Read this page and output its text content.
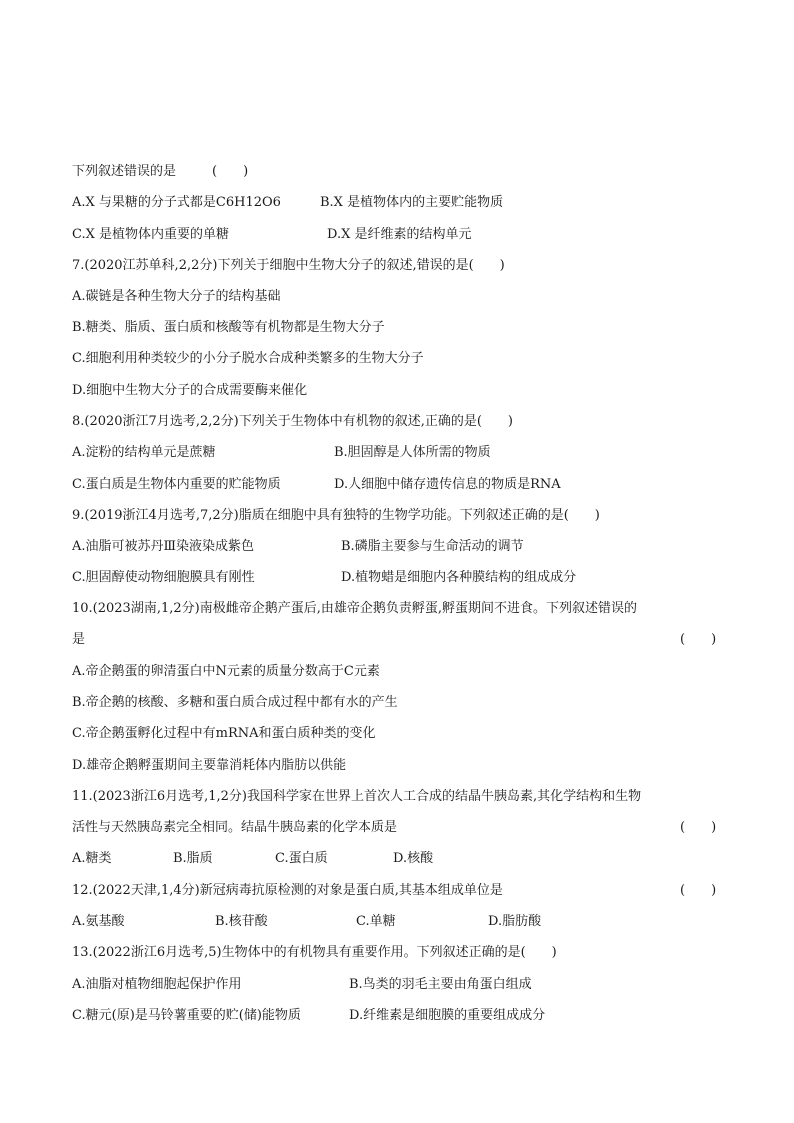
下列叙述错误的是	(　　)
A.X 与果糖的分子式都是C6H12O6	B.X 是植物体内的主要贮能物质
C.X 是植物体内重要的单糖	D.X 是纤维素的结构单元
7.(2020江苏单科,2,2分)下列关于细胞中生物大分子的叙述,错误的是(　　)
A.碳链是各种生物大分子的结构基础
B.糖类、脂质、蛋白质和核酸等有机物都是生物大分子
C.细胞利用种类较少的小分子脱水合成种类繁多的生物大分子
D.细胞中生物大分子的合成需要酶来催化
8.(2020浙江7月选考,2,2分)下列关于生物体中有机物的叙述,正确的是(　　)
A.淀粉的结构单元是蔗糖	B.胆固醇是人体所需的物质
C.蛋白质是生物体内重要的贮能物质	D.人细胞中储存遗传信息的物质是RNA
9.(2019浙江4月选考,7,2分)脂质在细胞中具有独特的生物学功能。下列叙述正确的是(　　)
A.油脂可被苏丹Ⅲ染液染成紫色	B.磷脂主要参与生命活动的调节
C.胆固醇使动物细胞膜具有刚性	D.植物蜡是细胞内各种膜结构的组成成分
10.(2023湖南,1,2分)南极雌帝企鹅产蛋后,由雄帝企鹅负责孵蛋,孵蛋期间不进食。下列叙述错误的
是	(　　)
A.帝企鹅蛋的卵清蛋白中N元素的质量分数高于C元素
B.帝企鹅的核酸、多糖和蛋白质合成过程中都有水的产生
C.帝企鹅蛋孵化过程中有mRNA和蛋白质种类的变化
D.雄帝企鹅孵蛋期间主要靠消耗体内脂肪以供能
11.(2023浙江6月选考,1,2分)我国科学家在世界上首次人工合成的结晶牛胰岛素,其化学结构和生物
活性与天然胰岛素完全相同。结晶牛胰岛素的化学本质是	(　　)
A.糖类	B.脂质	C.蛋白质	D.核酸
12.(2022天津,1,4分)新冠病毒抗原检测的对象是蛋白质,其基本组成单位是	(　　)
A.氨基酸	B.核苷酸	C.单糖	D.脂肪酸
13.(2022浙江6月选考,5)生物体中的有机物具有重要作用。下列叙述正确的是(　　)
A.油脂对植物细胞起保护作用	B.鸟类的羽毛主要由角蛋白组成
C.糖元(原)是马铃薯重要的贮(储)能物质	D.纤维素是细胞膜的重要组成成分
